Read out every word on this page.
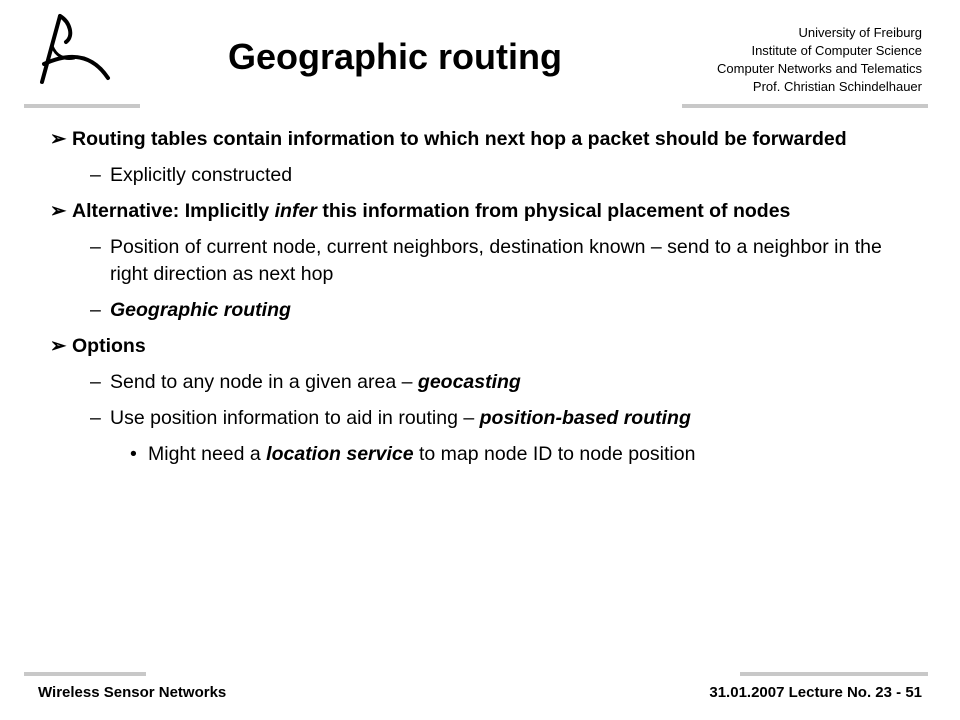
Geographic routing
University of Freiburg
Institute of Computer Science
Computer Networks and Telematics
Prof. Christian Schindelhauer
➢ Routing tables contain information to which next hop a packet should be forwarded
– Explicitly constructed
➢ Alternative: Implicitly infer this information from physical placement of nodes
– Position of current node, current neighbors, destination known – send to a neighbor in the right direction as next hop
– Geographic routing
➢ Options
– Send to any node in a given area – geocasting
– Use position information to aid in routing – position-based routing
• Might need a location service to map node ID to node position
Wireless Sensor Networks	31.01.2007 Lecture No. 23 - 51
